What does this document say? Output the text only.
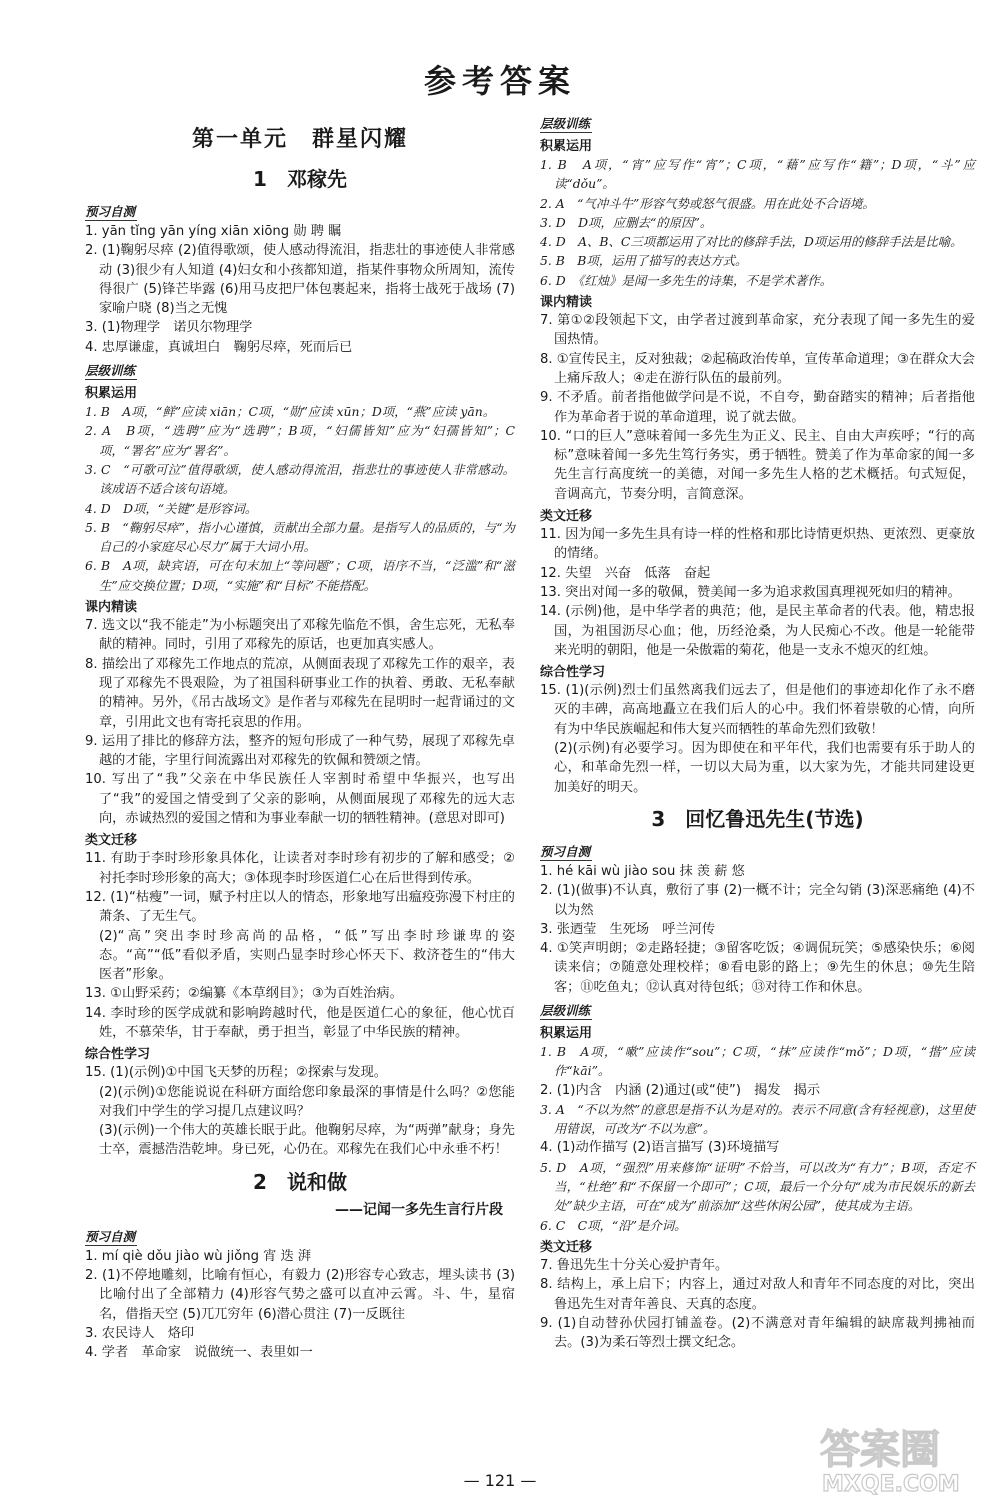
参考答案
第一单元　群星闪耀
1　邓稼先
预习自测
1. yān tǐng yān yíng xiān xiōng 勋 聘 瞩
2. (1)鞠躬尽瘁 (2)值得歌颂，使人感动得流泪，指悲壮的事迹使人非常感动 (3)很少有人知道 (4)妇女和小孩都知道，指某件事物众所周知，流传得很广 (5)锋芒毕露 (6)用马皮把尸体包裹起来，指将士战死于战场 (7)家喻户晓 (8)当之无愧
3. (1)物理学　诺贝尔物理学
4. 忠厚谦虚，真诚坦白　鞠躬尽瘁，死而后已
层级训练
积累运用
1. B　A项，“鲜”应读 xiān；C项，“勋”应读 xūn；D项，“燕”应读 yān。
2. A　B项，“选聘”应为“选聘”；B项，“妇儒皆知”应为“妇孺皆知”；C项，“署名”应为“署名”。
3. C　“可歌可泣”值得歌颂，使人感动得流泪，指悲壮的事迹使人非常感动。该成语不适合该句语境。
4. D　D项，“关键”是形容词。
5. B　“鞠躬尽瘁”，指小心谨慎，贡献出全部力量。是指写人的品质的，与“为自己的小家庭尽心尽力”属于大词小用。
6. B　A项，缺宾语，可在句末加上“等问题”；C项，语序不当，“泛滥”和“滋生”应交换位置；D项，“实施”和“目标”不能搭配。
课内精读
7. 选文以“我不能走”为小标题突出了邓稼先临危不惧，舍生忘死，无私奉献的精神。同时，引用了邓稼先的原话，也更加真实感人。
8. 描绘出了邓稼先工作地点的荒凉，从侧面表现了邓稼先工作的艰辛，表现了邓稼先不畏艰险，为了祖国科研事业工作的执着、勇敢、无私奉献的精神。另外，《吊古战场文》是作者与邓稼先在昆明时一起背诵过的文章，引用此文也有寄托哀思的作用。
9. 运用了排比的修辞方法，整齐的短句形成了一种气势，展现了邓稼先卓越的才能，字里行间流露出对邓稼先的钦佩和赞颂之情。
10. 写出了“我”父亲在中华民族任人宰割时希望中华振兴，也写出了“我”的爱国之情受到了父亲的影响，从侧面展现了邓稼先的远大志向，赤诚热烈的爱国之情和为事业奉献一切的牺牲精神。(意思对即可)
类文迁移
11. 有助于李时珍形象具体化，让读者对李时珍有初步的了解和感受；②衬托李时珍形象的高大；③体现李时珍医道仁心在后世得到传承。
12. (1)“枯瘦”一词，赋予村庄以人的情态，形象地写出瘟疫弥漫下村庄的萧条、了无生气。
(2)“高”突出李时珍高尚的品格，“低”写出李时珍谦卑的姿态。“高”“低”看似矛盾，实则凸显李时珍心怀天下、救济苍生的“伟大医者”形象。
13. ①山野采药；②编纂《本草纲目》；③为百姓治病。
14. 李时珍的医学成就和影响跨越时代，他是医道仁心的象征，他心忧百姓，不慕荣华，甘于奉献，勇于担当，彰显了中华民族的精神。
综合性学习
15. (1)(示例)①中国飞天梦的历程；②探索与发现。
(2)(示例)①您能说说在科研方面给您印象最深的事情是什么吗？②您能对我们中学生的学习提几点建议吗？
(3)(示例)一个伟大的英雄长眠于此。他鞠躬尽瘁，为“两弹”献身；身先士卒，震撼浩浩乾坤。身已死，心仍在。邓稼先在我们心中永垂不朽！
2　说和做
——记闻一多先生言行片段
预习自测
1. mí qiè dǒu jiào wù jiǒng 宵 迭 湃
2. (1)不停地雕刻，比喻有恒心，有毅力 (2)形容专心致志，埋头读书 (3)比喻付出了全部精力 (4)形容气势之盛可以直冲云霄。斗、牛，星宿名，借指天空 (5)兀兀穷年 (6)潜心贯注 (7)一反既往
3. 农民诗人　烙印
4. 学者　革命家　说做统一、表里如一
层级训练
积累运用
1. B　A项，“宵”应写作“宵”；C项，“藉”应写作“籍”；D项，“斗”应读“dǒu”。
2. A　“气冲斗牛”形容气势或怒气很盛。用在此处不合语境。
3. D　D项，应删去“的原因”。
4. D　A、B、C三项都运用了对比的修辞手法，D项运用的修辞手法是比喻。
5. B　B项，运用了描写的表达方式。
6. D　《红烛》是闻一多先生的诗集，不是学术著作。
课内精读
7. 第①②段领起下文，由学者过渡到革命家，充分表现了闻一多先生的爱国热情。
8. ①宣传民主，反对独裁；②起稿政治传单，宣传革命道理；③在群众大会上痛斥敌人；④走在游行队伍的最前列。
9. 不矛盾。前者指他做学问是不说，不自夸，勤奋踏实的精神；后者指他作为革命者于说的革命道理，说了就去做。
10. “口的巨人”意味着闻一多先生为正义、民主、自由大声疾呼；“行的高标”意味着闻一多先生笃行务实，勇于牺牲。赞美了作为革命家的闻一多先生言行高度统一的美德，对闻一多先生人格的艺术概括。句式短促，音调高亢，节奏分明，言简意深。
类文迁移
11. 因为闻一多先生具有诗一样的性格和那比诗情更炽热、更浓烈、更豪放的情绪。
12. 失望　兴奋　低落　奋起
13. 突出对闻一多的敬佩，赞美闻一多为追求救国真理视死如归的精神。
14. (示例)他，是中华学者的典范；他，是民主革命者的代表。他，精忠报国，为祖国沥尽心血；他，历经沧桑，为人民痴心不改。他是一轮能带来光明的朝阳，他是一朵傲霜的菊花，他是一支永不熄灭的红烛。
综合性学习
15. (1)(示例)烈士们虽然离我们远去了，但是他们的事迹却化作了永不磨灭的丰碑，高高地矗立在我们后人的心中。我们怀着崇敬的心情，向所有为中华民族崛起和伟大复兴而牺牲的革命先烈们致敬！
(2)(示例)有必要学习。因为即使在和平年代，我们也需要有乐于助人的心，和革命先烈一样，一切以大局为重，以大家为先，才能共同建设更加美好的明天。
3　回忆鲁迅先生(节选)
预习自测
1. hé kāi wù jiào sou 抹 羡 薪 悠
2. (1)(做事)不认真，敷衍了事 (2)一概不计；完全勾销 (3)深恶痛绝 (4)不以为然
3. 张迺莹　生死场　呼兰河传
4. ①笑声明朗；②走路轻捷；③留客吃饭；④调侃玩笑；⑤感染快乐；⑥阅读来信；⑦随意处理校样；⑧看电影的路上；⑨先生的休息；⑩先生陪客；⑪吃鱼丸；⑫认真对待包纸；⑬对待工作和休息。
层级训练
积累运用
1. B　A项，“嗽”应读作“sou”；C项，“抹”应读作“mǒ”；D项，“揩”应读作“kāi”。
2. (1)内含　内涵 (2)通过(或“使”)　揭发　揭示
3. A　“不以为然”的意思是指不认为是对的。表示不同意(含有轻视意)，这里使用错误，可改为“不以为意”。
4. (1)动作描写 (2)语言描写 (3)环境描写
5. D　A项，“强烈”用来修饰“证明”不恰当，可以改为“有力”；B项，否定不当，“杜绝”和“不保留一个即可”；C项，最后一个分句“成为市民娱乐的新去处”缺少主语，可在“成为”前添加“这些休闲公园”，使其成为主语。
6. C　C项，“沿”是介词。
类文迁移
7. 鲁迅先生十分关心爱护青年。
8. 结构上，承上启下；内容上，通过对敌人和青年不同态度的对比，突出鲁迅先生对青年善良、天真的态度。
9. (1)自动替孙伏园打铺盖卷。(2)不满意对青年编辑的缺席裁判拂袖而去。(3)为柔石等烈士撰文纪念。
— 121 —
答案圈
MXQE.COM
